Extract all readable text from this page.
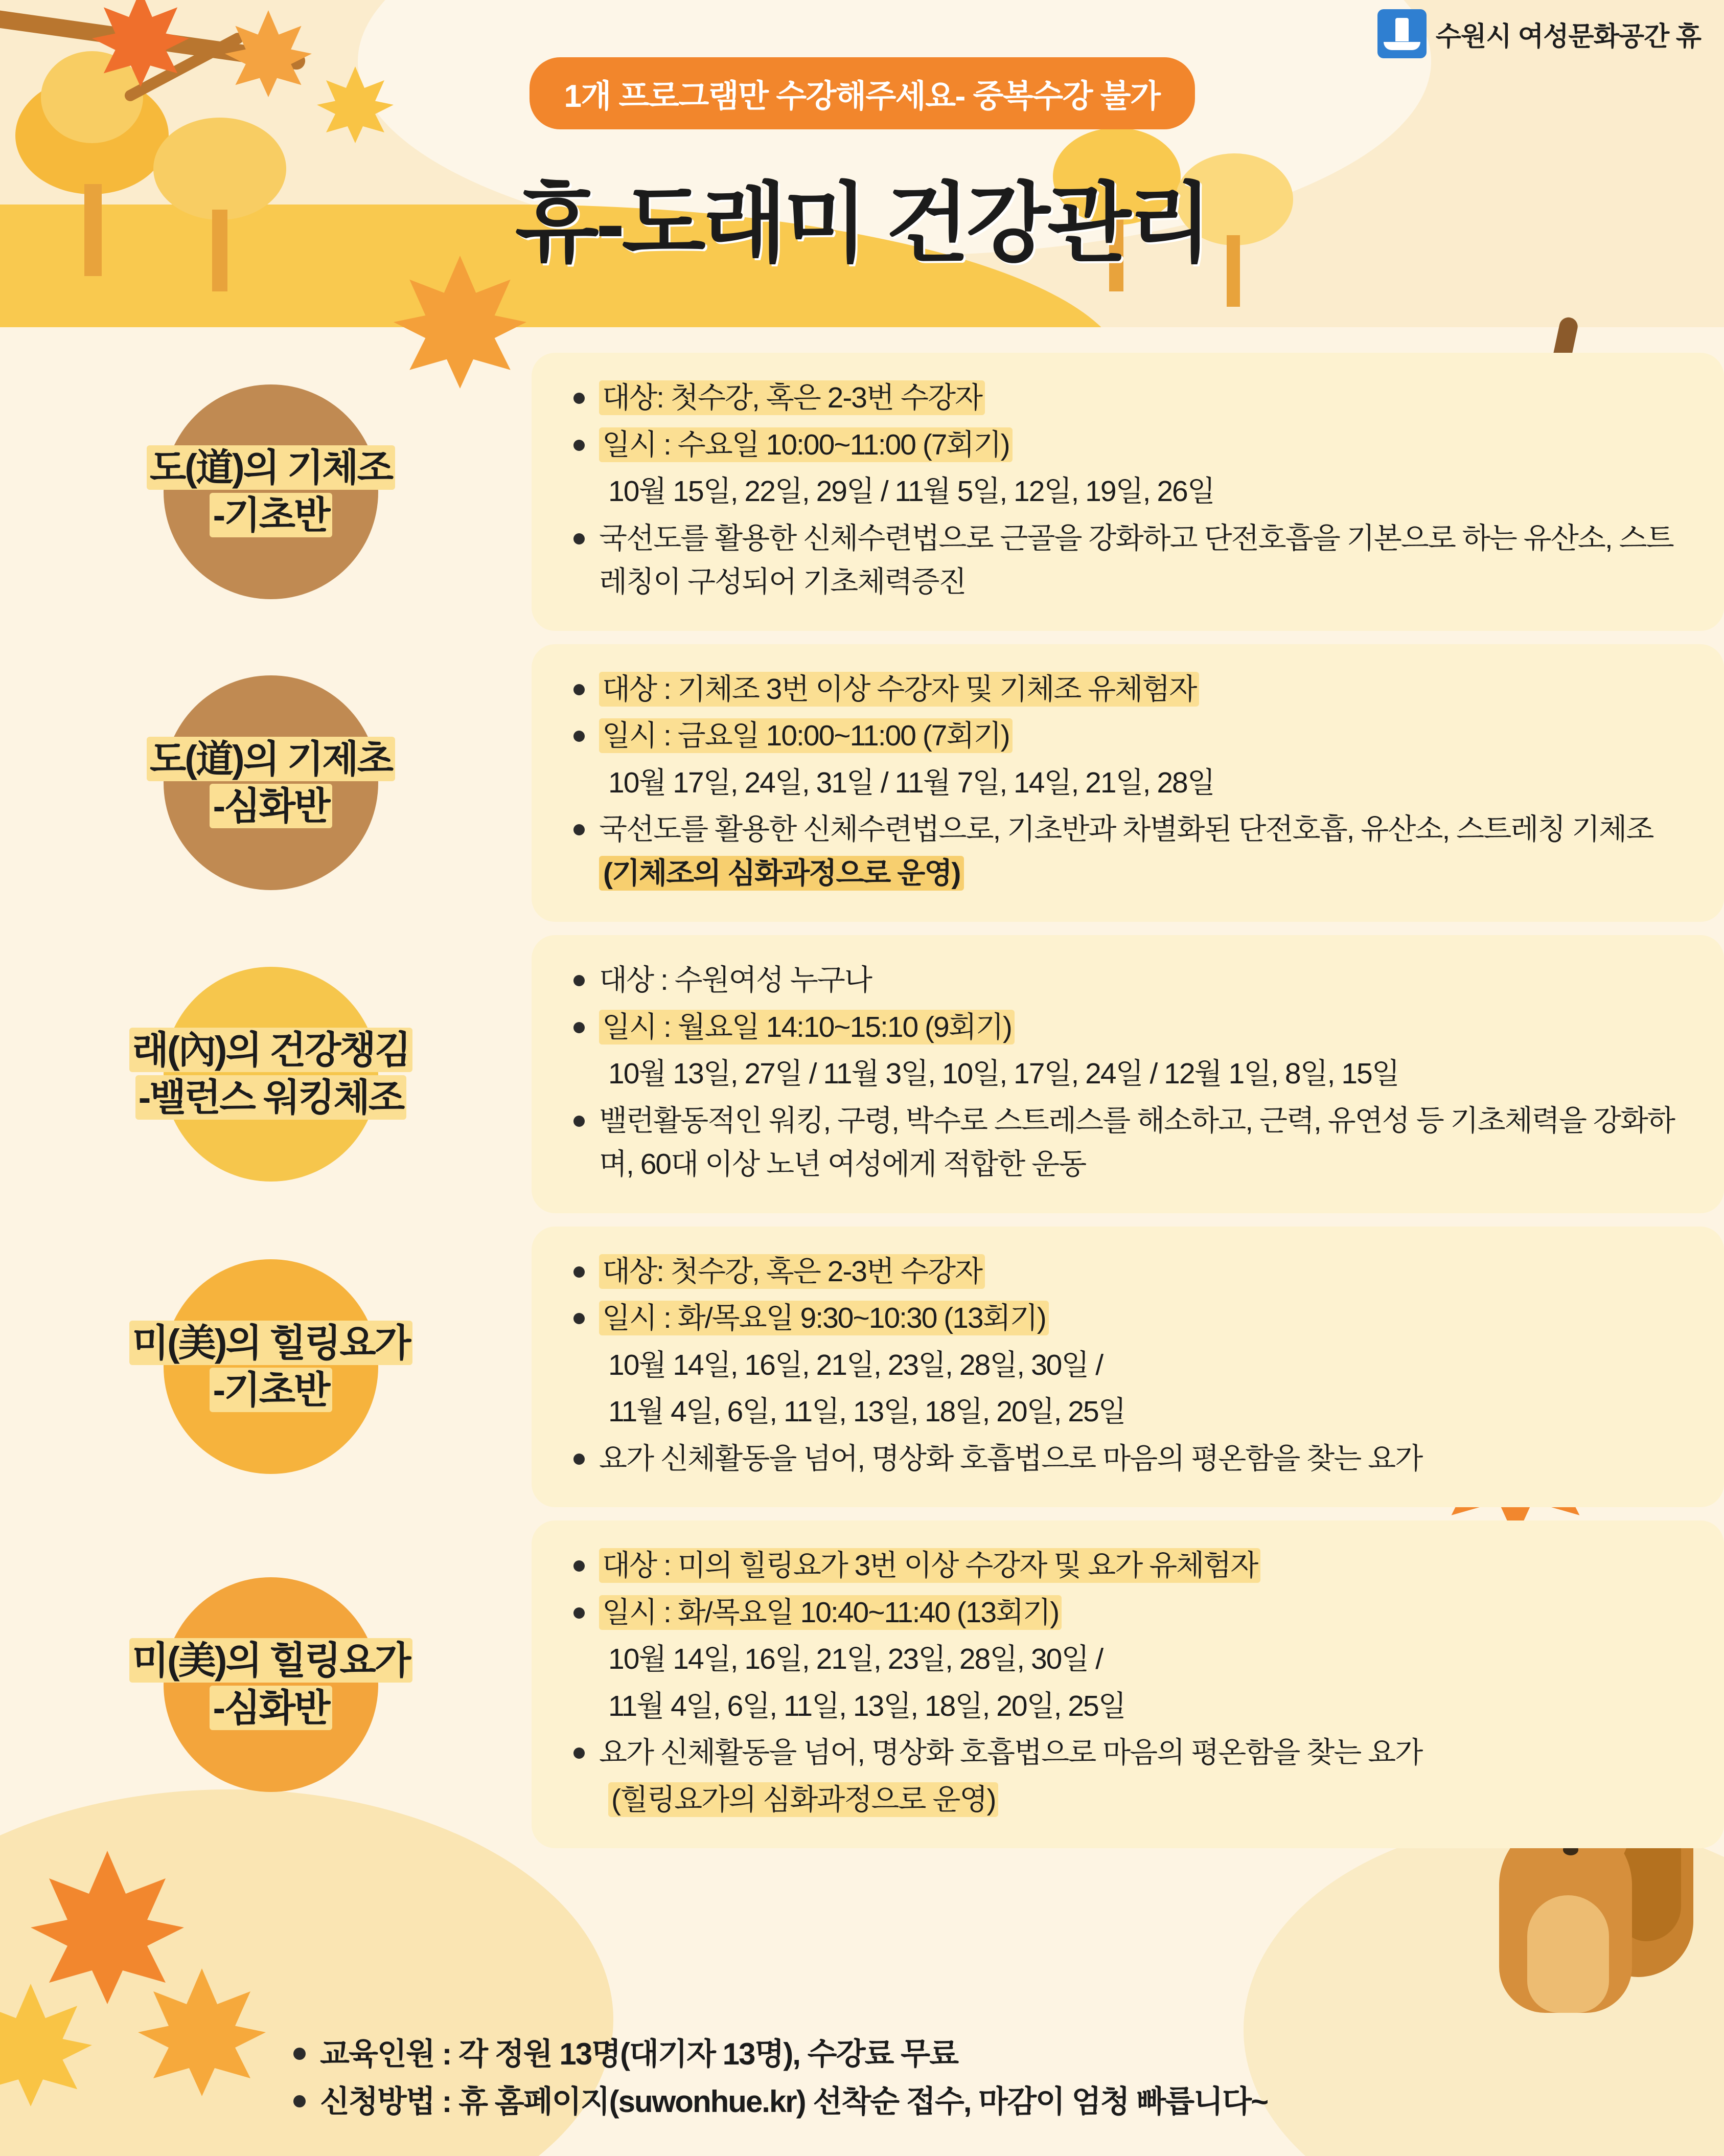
수원시 여성문화공간 휴
1개 프로그램만 수강해주세요- 중복수강 불가
휴-도래미 건강관리
도(道)의 기체조
-기초반
대상: 첫수강, 혹은 2-3번 수강자
일시 : 수요일 10:00~11:00 (7회기)
10월 15일, 22일, 29일 / 11월 5일, 12일, 19일, 26일
국선도를 활용한 신체수련법으로 근골을 강화하고 단전호흡을 기본으로 하는 유산소, 스트레칭이 구성되어 기초체력증진
도(道)의 기제초
-심화반
대상 : 기체조 3번 이상 수강자 및 기체조 유체험자
일시 : 금요일 10:00~11:00 (7회기)
10월 17일, 24일, 31일 / 11월 7일, 14일, 21일, 28일
국선도를 활용한 신체수련법으로, 기초반과 차별화된 단전호흡, 유산소, 스트레칭 기체조 (기체조의 심화과정으로 운영)
래(內)의 건강챙김
-밸런스 워킹체조
대상 : 수원여성 누구나
일시 : 월요일 14:10~15:10 (9회기)
10월 13일, 27일 / 11월 3일, 10일, 17일, 24일 / 12월 1일, 8일, 15일
밸런활동적인 워킹, 구령, 박수로 스트레스를 해소하고, 근력, 유연성 등 기초체력을 강화하며, 60대 이상 노년 여성에게 적합한 운동
미(美)의 힐링요가
-기초반
대상: 첫수강, 혹은 2-3번 수강자
일시 : 화/목요일 9:30~10:30 (13회기)
10월 14일, 16일, 21일, 23일, 28일, 30일 /
11월 4일, 6일, 11일, 13일, 18일, 20일, 25일
요가 신체활동을 넘어, 명상화 호흡법으로 마음의 평온함을 찾는 요가
미(美)의 힐링요가
-심화반
대상 : 미의 힐링요가 3번 이상 수강자 및 요가 유체험자
일시 : 화/목요일 10:40~11:40 (13회기)
10월 14일, 16일, 21일, 23일, 28일, 30일 /
11월 4일, 6일, 11일, 13일, 18일, 20일, 25일
요가 신체활동을 넘어, 명상화 호흡법으로 마음의 평온함을 찾는 요가
(힐링요가의 심화과정으로 운영)
교육인원 : 각 정원 13명(대기자 13명), 수강료 무료
신청방법 : 휴 홈페이지(suwonhue.kr) 선착순 접수, 마감이 엄청 빠릅니다~
